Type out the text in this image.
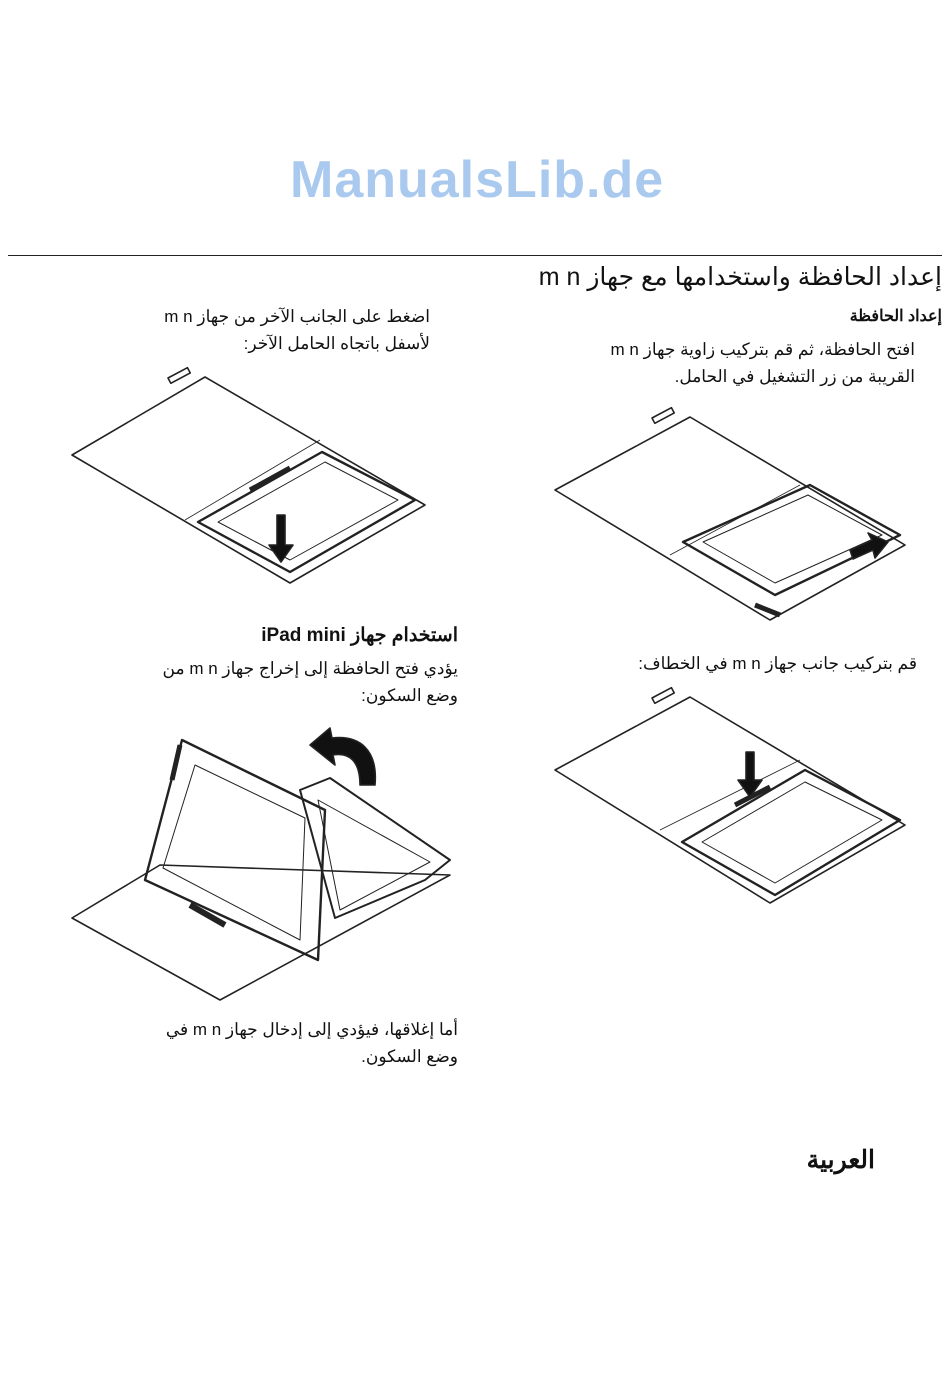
ManualsLib.de
إعداد الحافظة واستخدامها مع جهاز m n
إعداد الحافظة
افتح الحافظة، ثم قم بتركيب زاوية جهاز m n
القريبة من زر التشغيل في الحامل.
قم بتركيب جانب جهاز m n في الخطاف:
اضغط على الجانب الآخر من جهاز m n
لأسفل باتجاه الحامل الآخر:
استخدام جهاز iPad mini
يؤدي فتح الحافظة إلى إخراج جهاز m n من
وضع السكون:
أما إغلاقها، فيؤدي إلى إدخال جهاز m n في
وضع السكون.
العربية
